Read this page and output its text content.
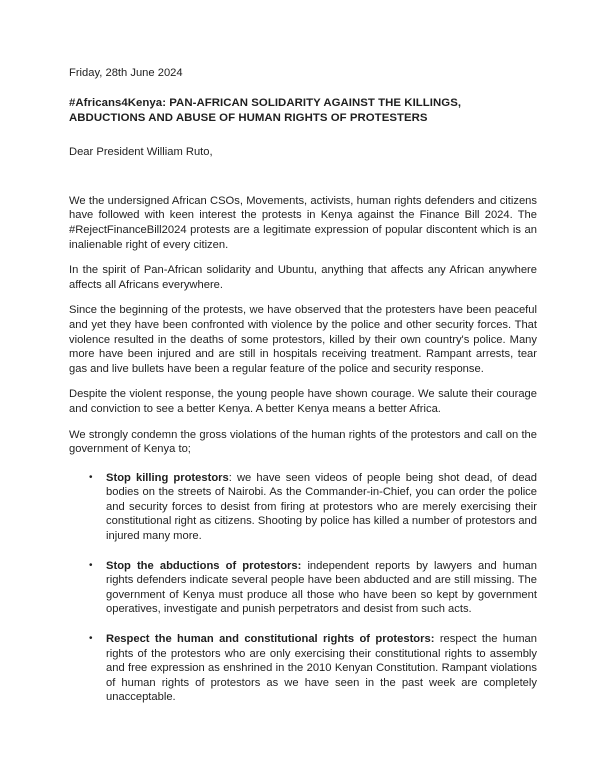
Friday, 28th June 2024

#Africans4Kenya: PAN-AFRICAN SOLIDARITY AGAINST THE KILLINGS, ABDUCTIONS AND ABUSE OF HUMAN RIGHTS OF PROTESTERS

Dear President William Ruto,

We the undersigned African CSOs, Movements, activists, human rights defenders and citizens have followed with keen interest the protests in Kenya against the Finance Bill 2024. The #RejectFinanceBill2024 protests are a legitimate expression of popular discontent which is an inalienable right of every citizen.

In the spirit of Pan-African solidarity and Ubuntu, anything that affects any African anywhere affects all Africans everywhere.

Since the beginning of the protests, we have observed that the protesters have been peaceful and yet they have been confronted with violence by the police and other security forces. That violence resulted in the deaths of some protestors, killed by their own country's police. Many more have been injured and are still in hospitals receiving treatment. Rampant arrests, tear gas and live bullets have been a regular feature of the police and security response.

Despite the violent response, the young people have shown courage. We salute their courage and conviction to see a better Kenya. A better Kenya means a better Africa.

We strongly condemn the gross violations of the human rights of the protestors and call on the government of Kenya to;

• Stop killing protestors: we have seen videos of people being shot dead, of dead bodies on the streets of Nairobi. As the Commander-in-Chief, you can order the police and security forces to desist from firing at protestors who are merely exercising their constitutional right as citizens. Shooting by police has killed a number of protestors and injured many more.
• Stop the abductions of protestors: independent reports by lawyers and human rights defenders indicate several people have been abducted and are still missing. The government of Kenya must produce all those who have been so kept by government operatives, investigate and punish perpetrators and desist from such acts.
• Respect the human and constitutional rights of protestors: respect the human rights of the protestors who are only exercising their constitutional rights to assembly and free expression as enshrined in the 2010 Kenyan Constitution. Rampant violations of human rights of protestors as we have seen in the past week are completely unacceptable.
